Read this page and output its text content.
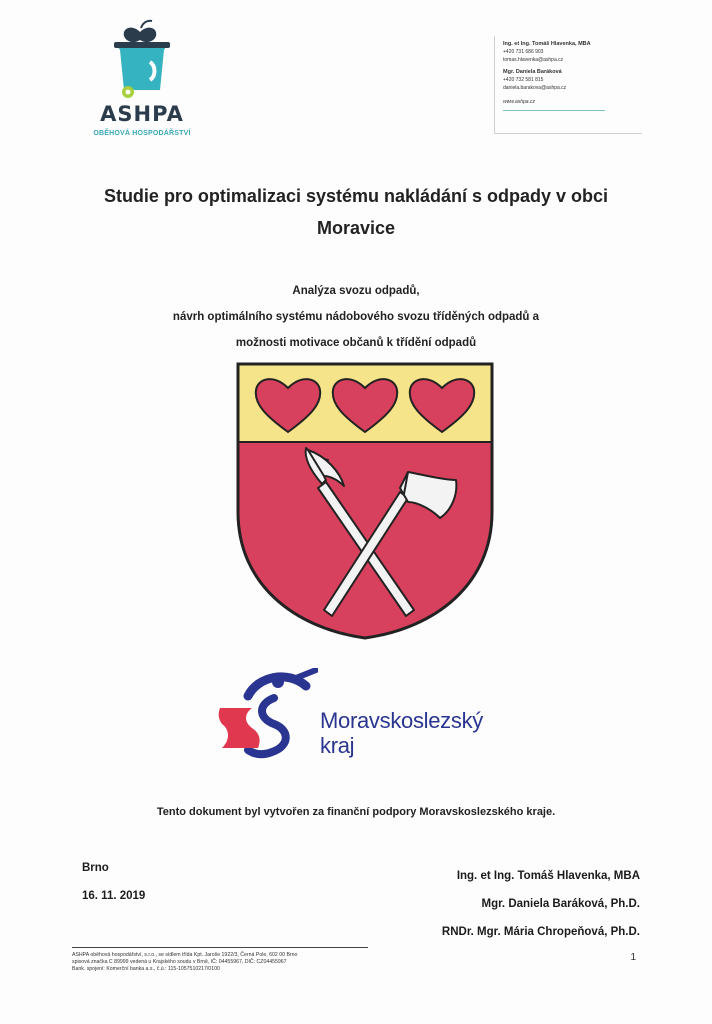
ASHPA
OBĚHOVÁ HOSPODÁŘSTVÍ
Ing. et Ing. Tomáš Hlavenka, MBA
+420 731 686 903
tomas.hlavenka@ashpa.cz
Mgr. Daniela Baráková
+420 732 581 815
daniela.barakova@ashpa.cz
www.ashpa.cz
Studie pro optimalizaci systému nakládání s odpady v obci
Moravice
Analýza svozu odpadů,
návrh optimálního systému nádobového svozu tříděných odpadů a
možnosti motivace občanů k třídění odpadů
Moravskoslezský
kraj
Tento dokument byl vytvořen za finanční podpory Moravskoslezského kraje.
Brno
16. 11. 2019
Ing. et Ing. Tomáš Hlavenka, MBA
Mgr. Daniela Baráková, Ph.D.
RNDr. Mgr. Mária Chropeňová, Ph.D.
ASHPA oběhová hospodářství, s.r.o., se sídlem třída Kpt. Jaroše 1922/3, Černá Pole, 602 00 Brno
spisová značka C 89999 vedená u Krajského soudu v Brně, IČ: 04455967, DIČ: CZ04455967
Bank. spojení: Komerční banka a.s., č.ú.: 115-1057510217/0100
1
